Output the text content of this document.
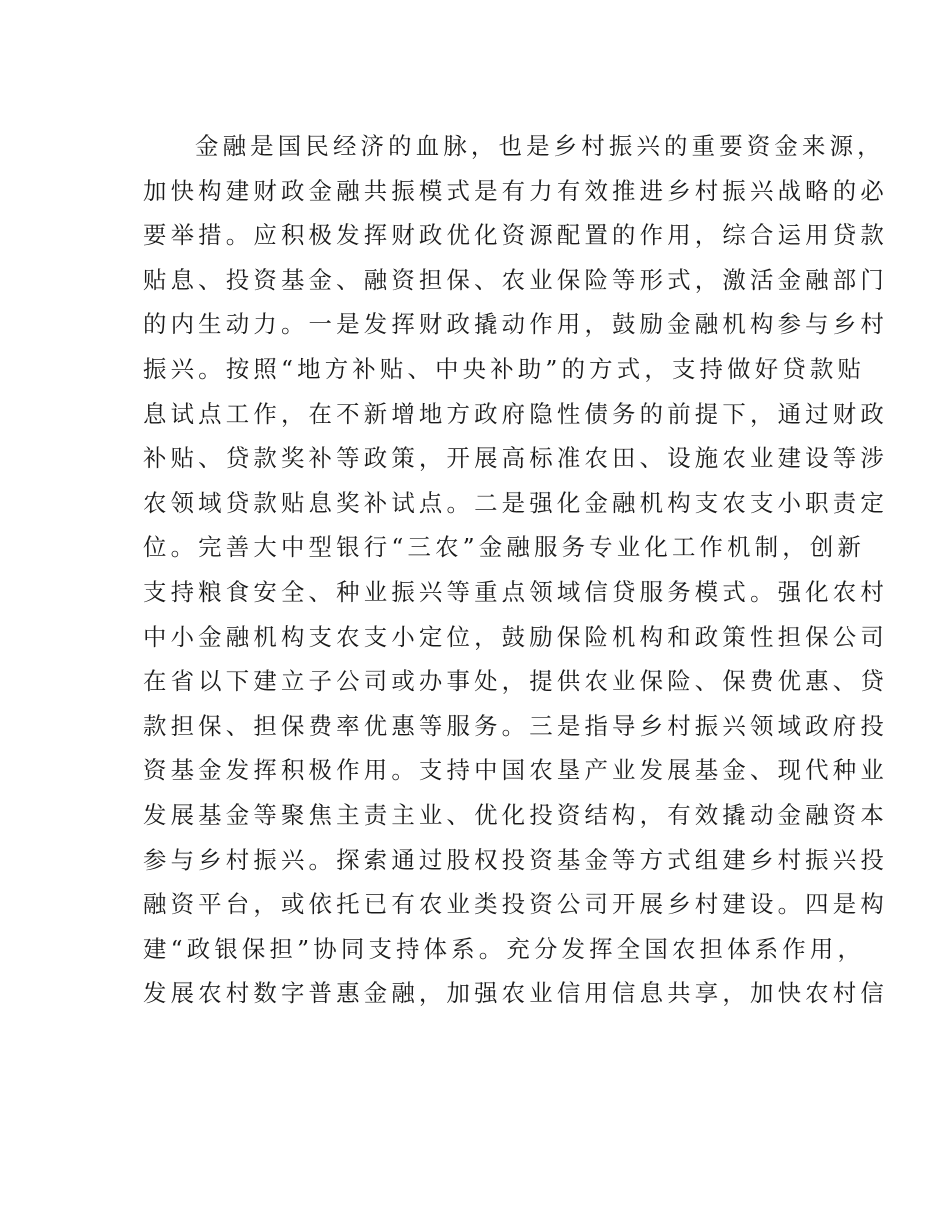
金融是国民经济的血脉，也是乡村振兴的重要资金来源，
加快构建财政金融共振模式是有力有效推进乡村振兴战略的必
要举措。应积极发挥财政优化资源配置的作用，综合运用贷款
贴息、投资基金、融资担保、农业保险等形式，激活金融部门
的内生动力。一是发挥财政撬动作用，鼓励金融机构参与乡村
振兴。按照“地方补贴、中央补助”的方式，支持做好贷款贴
息试点工作，在不新增地方政府隐性债务的前提下，通过财政
补贴、贷款奖补等政策，开展高标准农田、设施农业建设等涉
农领域贷款贴息奖补试点。二是强化金融机构支农支小职责定
位。完善大中型银行“三农”金融服务专业化工作机制，创新
支持粮食安全、种业振兴等重点领域信贷服务模式。强化农村
中小金融机构支农支小定位，鼓励保险机构和政策性担保公司
在省以下建立子公司或办事处，提供农业保险、保费优惠、贷
款担保、担保费率优惠等服务。三是指导乡村振兴领域政府投
资基金发挥积极作用。支持中国农垦产业发展基金、现代种业
发展基金等聚焦主责主业、优化投资结构，有效撬动金融资本
参与乡村振兴。探索通过股权投资基金等方式组建乡村振兴投
融资平台，或依托已有农业类投资公司开展乡村建设。四是构
建“政银保担”协同支持体系。充分发挥全国农担体系作用，
发展农村数字普惠金融，加强农业信用信息共享，加快农村信
